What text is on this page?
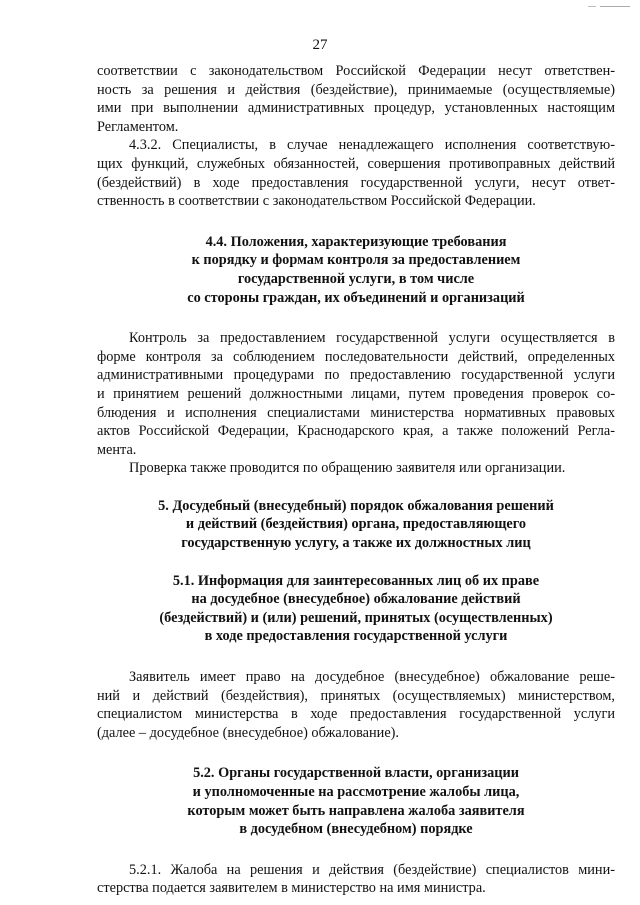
27
соответствии с законодательством Российской Федерации несут ответствен-
ность за решения и действия (бездействие), принимаемые (осуществляемые)
ими при выполнении административных процедур, установленных настоящим
Регламентом.
4.3.2. Специалисты, в случае ненадлежащего исполнения соответствую-
щих функций, служебных обязанностей, совершения противоправных действий
(бездействий) в ходе предоставления государственной услуги, несут ответ-
ственность в соответствии с законодательством Российской Федерации.
4.4. Положения, характеризующие требования
к порядку и формам контроля за предоставлением
государственной услуги, в том числе
со стороны граждан, их объединений и организаций
Контроль за предоставлением государственной услуги осуществляется в
форме контроля за соблюдением последовательности действий, определенных
административными процедурами по предоставлению государственной услуги
и принятием решений должностными лицами, путем проведения проверок со-
блюдения и исполнения специалистами министерства нормативных правовых
актов Российской Федерации, Краснодарского края, а также положений Регла-
мента.
Проверка также проводится по обращению заявителя или организации.
5. Досудебный (внесудебный) порядок обжалования решений
и действий (бездействия) органа, предоставляющего
государственную услугу, а также их должностных лиц
5.1. Информация для заинтересованных лиц об их праве
на досудебное (внесудебное) обжалование действий
(бездействий) и (или) решений, принятых (осуществленных)
в ходе предоставления государственной услуги
Заявитель имеет право на досудебное (внесудебное) обжалование реше-
ний и действий (бездействия), принятых (осуществляемых) министерством,
специалистом министерства в ходе предоставления государственной услуги
(далее – досудебное (внесудебное) обжалование).
5.2. Органы государственной власти, организации
и уполномоченные на рассмотрение жалобы лица,
которым может быть направлена жалоба заявителя
в досудебном (внесудебном) порядке
5.2.1. Жалоба на решения и действия (бездействие) специалистов мини-
стерства подается заявителем в министерство на имя министра.
